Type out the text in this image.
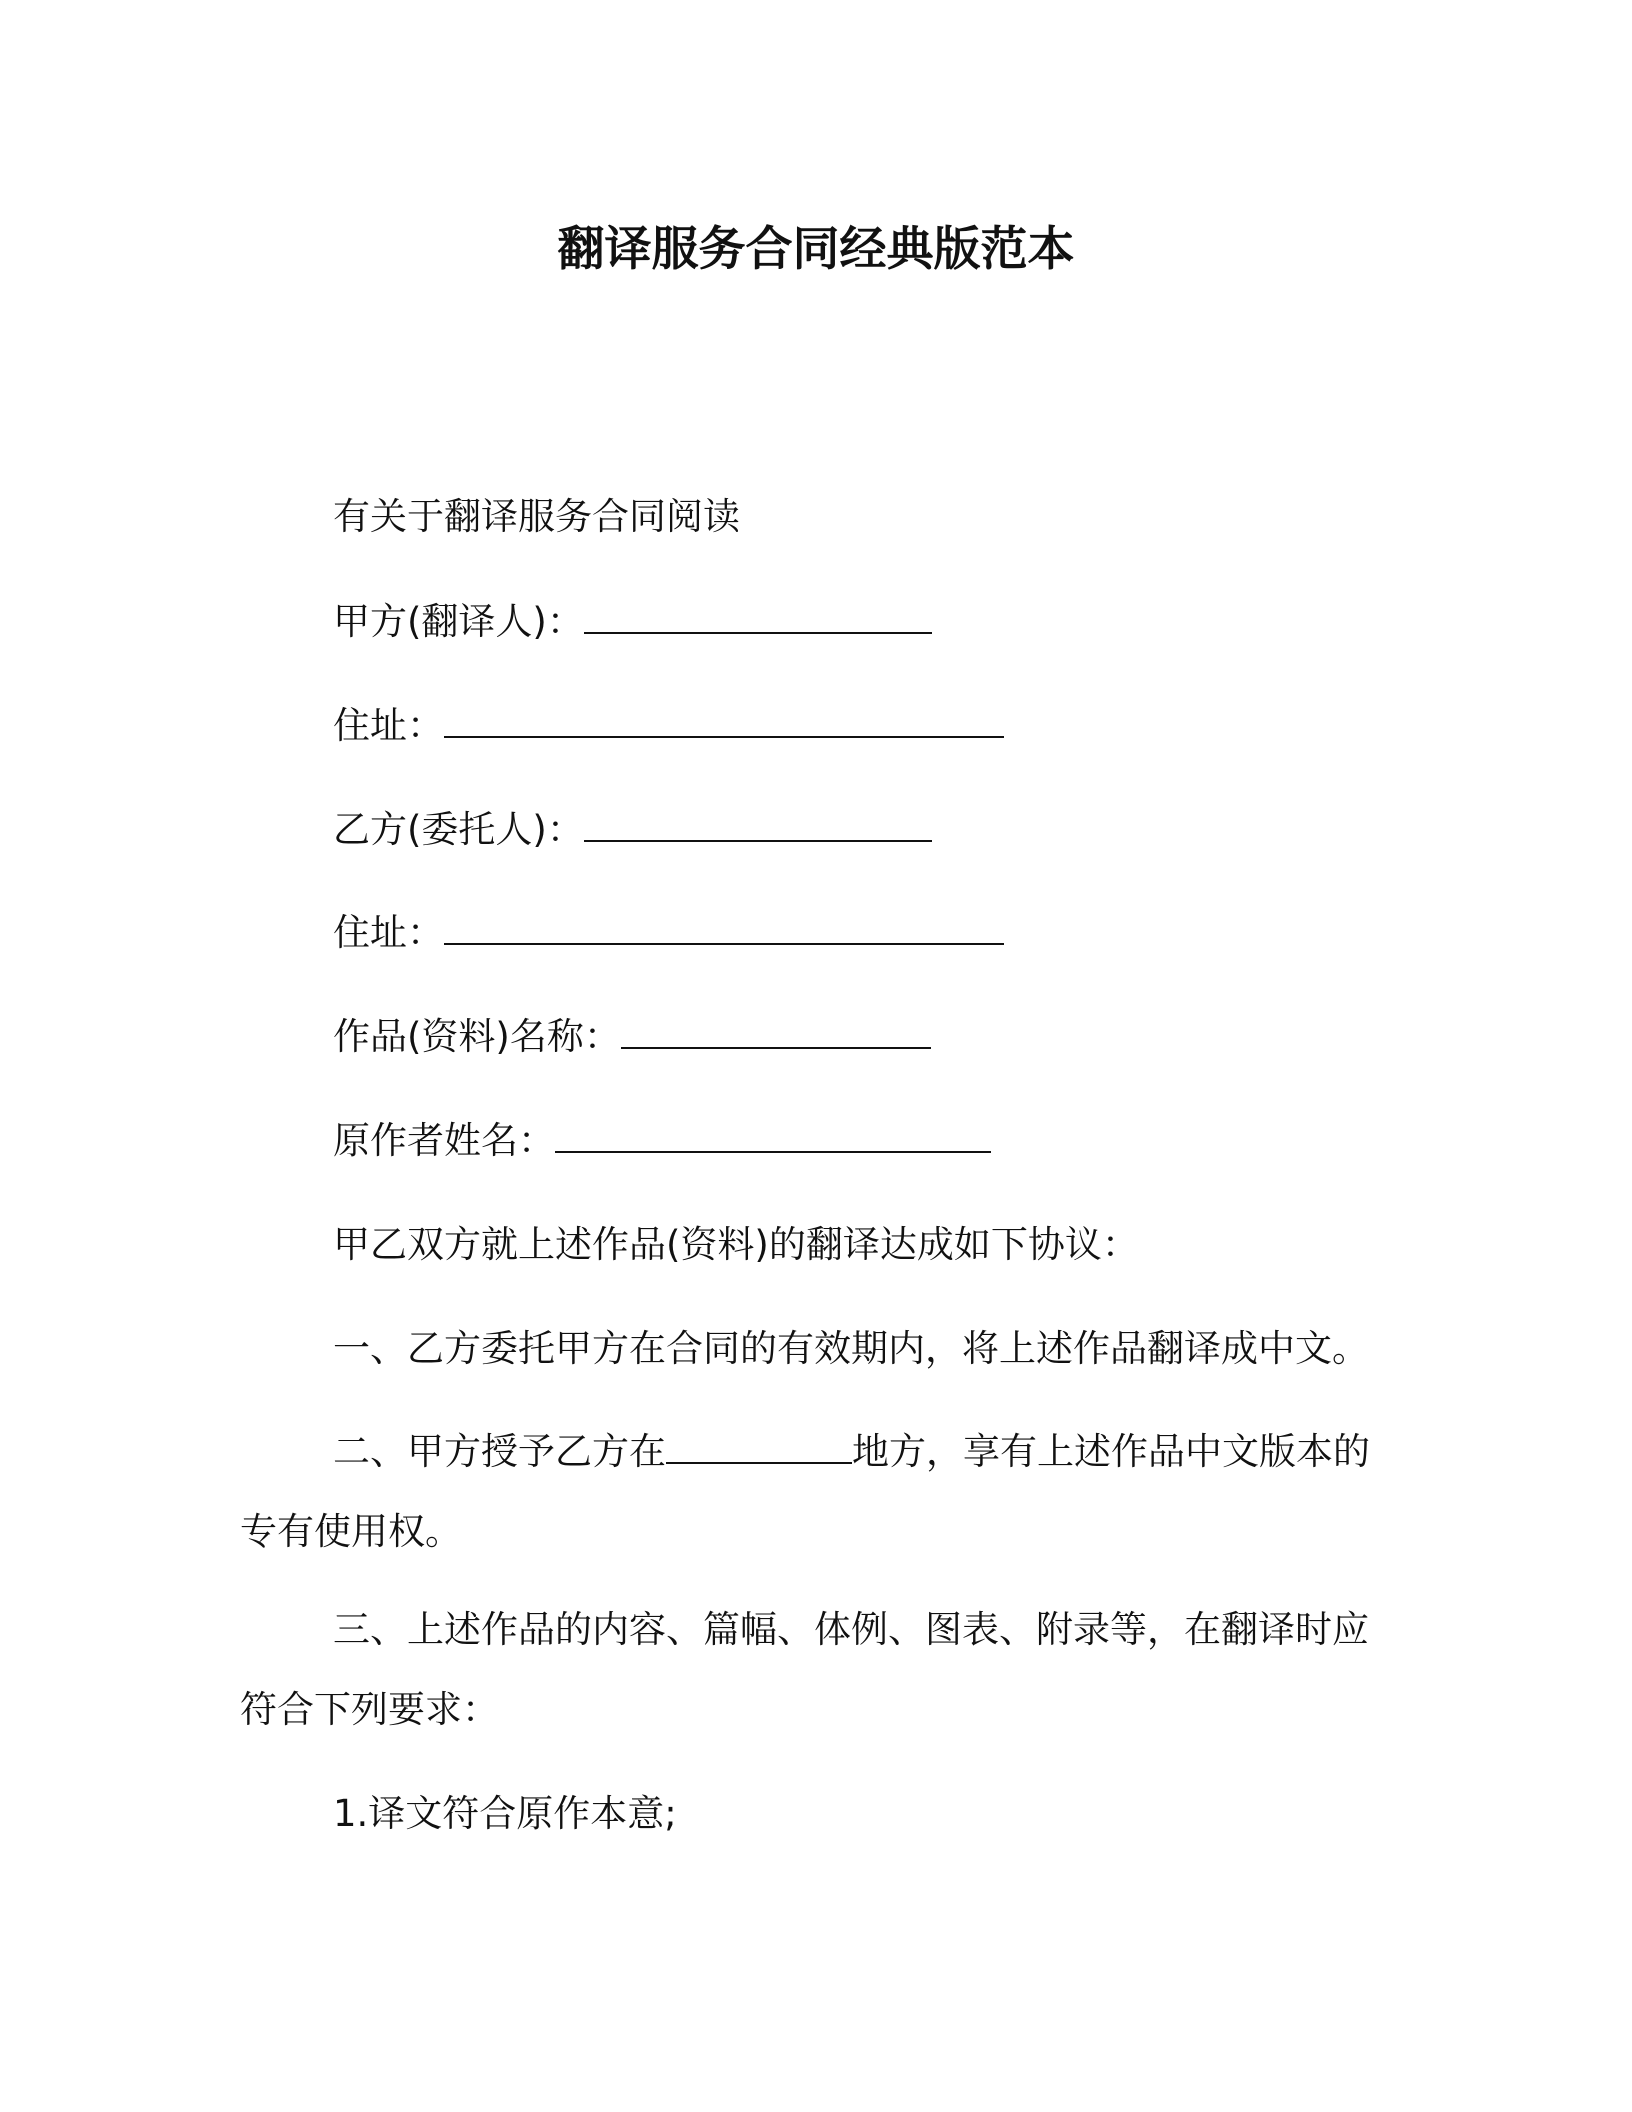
翻译服务合同经典版范本
有关于翻译服务合同阅读
甲方(翻译人)：
住址：
乙方(委托人)：
住址：
作品(资料)名称：
原作者姓名：
甲乙双方就上述作品(资料)的翻译达成如下协议：
一、乙方委托甲方在合同的有效期内，将上述作品翻译成中文。
二、甲方授予乙方在	地方，享有上述作品中文版本的专有使用权。
三、上述作品的内容、篇幅、体例、图表、附录等，在翻译时应符合下列要求：
1.译文符合原作本意;
